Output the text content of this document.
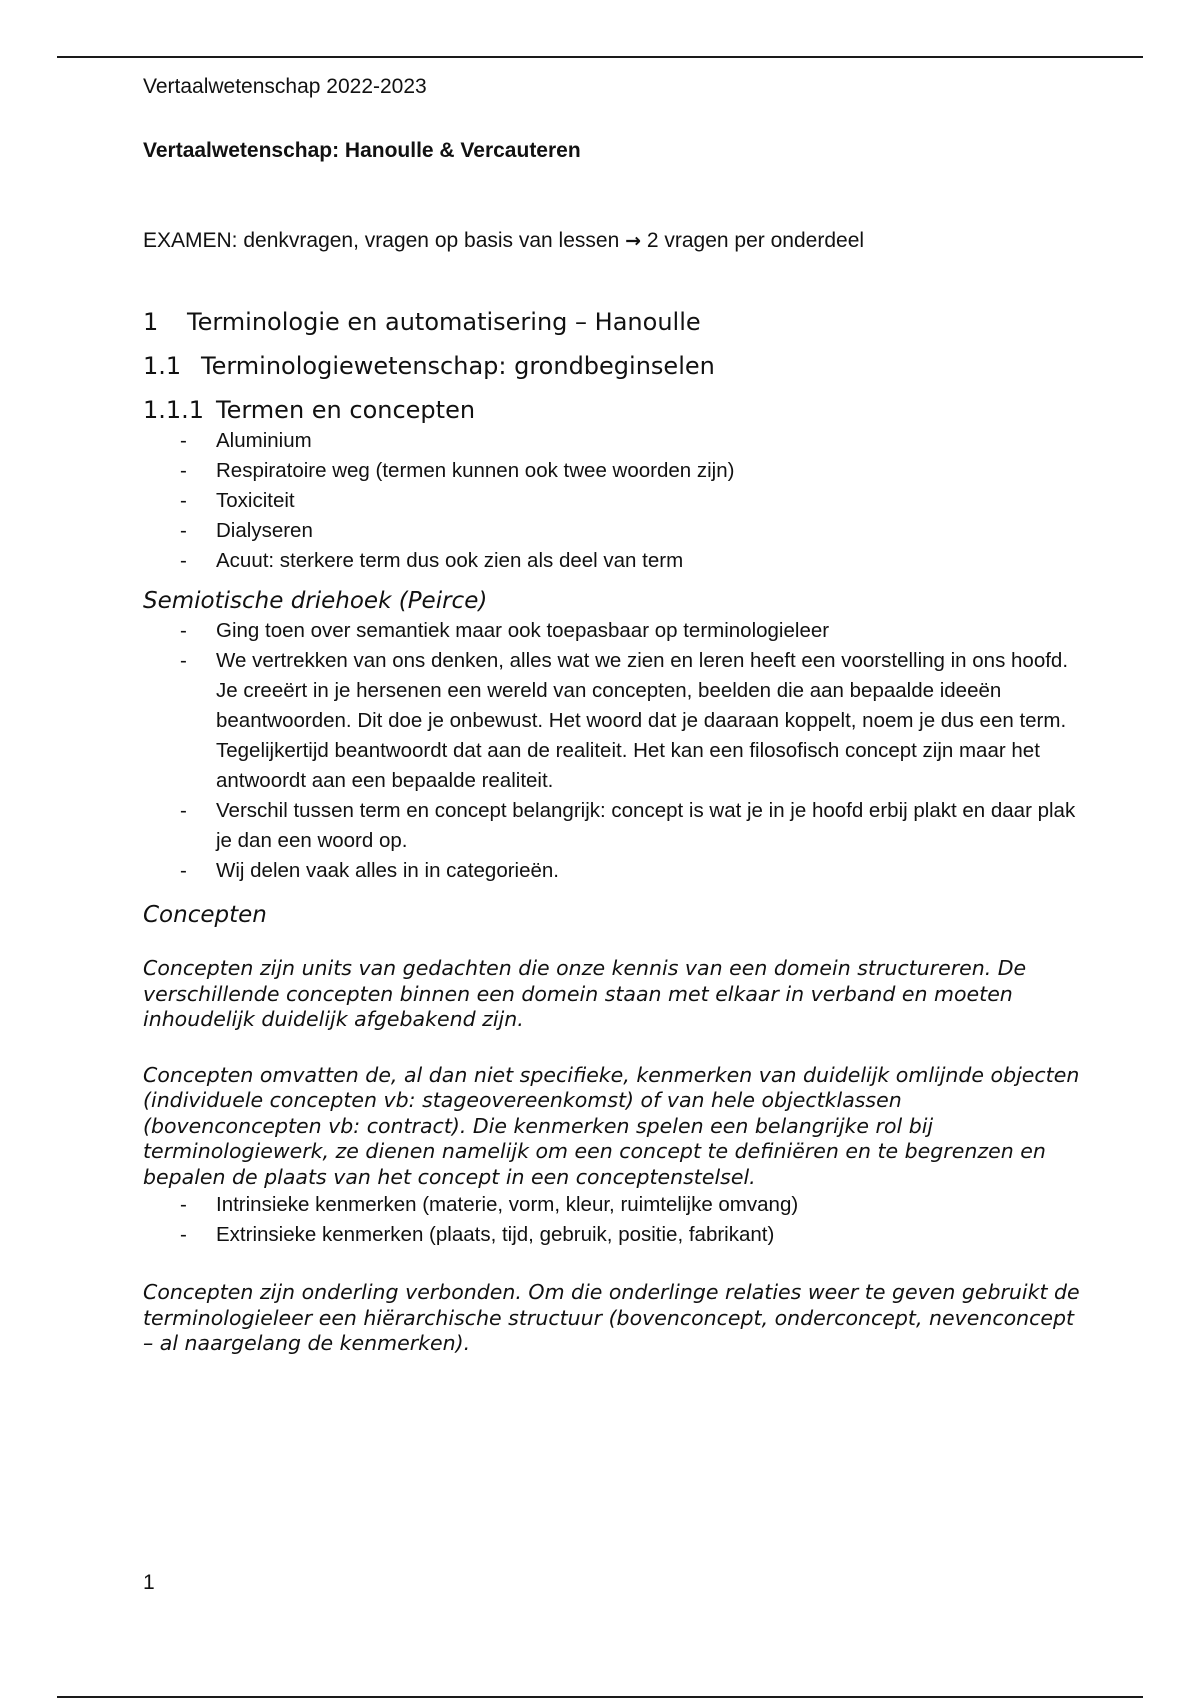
Vertaalwetenschap 2022-2023

Vertaalwetenschap: Hanoulle & Vercauteren

EXAMEN: denkvragen, vragen op basis van lessen → 2 vragen per onderdeel

1	Terminologie en automatisering – Hanoulle
1.1 Terminologiewetenschap: grondbeginselen
1.1.1 Termen en concepten
- Aluminium
- Respiratoire weg (termen kunnen ook twee woorden zijn)
- Toxiciteit
- Dialyseren
- Acuut: sterkere term dus ook zien als deel van term

Semiotische driehoek (Peirce)

- Ging toen over semantiek maar ook toepasbaar op terminologieleer
- We vertrekken van ons denken, alles wat we zien en leren heeft een voorstelling in ons hoofd. Je creeërt in je hersenen een wereld van concepten, beelden die aan bepaalde ideeën beantwoorden. Dit doe je onbewust. Het woord dat je daaraan koppelt, noem je dus een term. Tegelijkertijd beantwoordt dat aan de realiteit. Het kan een filosofisch concept zijn maar het antwoordt aan een bepaalde realiteit.
- Verschil tussen term en concept belangrijk: concept is wat je in je hoofd erbij plakt en daar plak je dan een woord op.
- Wij delen vaak alles in in categorieën.

Concepten

Concepten zijn units van gedachten die onze kennis van een domein structureren. De verschillende concepten binnen een domein staan met elkaar in verband en moeten inhoudelijk duidelijk afgebakend zijn.

Concepten omvatten de, al dan niet specifieke, kenmerken van duidelijk omlijnde objecten (individuele concepten vb: stageovereenkomst) of van hele objectklassen (bovenconcepten vb: contract). Die kenmerken spelen een belangrijke rol bij terminologiewerk, ze dienen namelijk om een concept te definiëren en te begrenzen en bepalen de plaats van het concept in een conceptenstelsel.

- Intrinsieke kenmerken (materie, vorm, kleur, ruimtelijke omvang)
- Extrinsieke kenmerken (plaats, tijd, gebruik, positie, fabrikant)

Concepten zijn onderling verbonden. Om die onderlinge relaties weer te geven gebruikt de terminologieleer een hiërarchische structuur (bovenconcept, onderconcept, nevenconcept – al naargelang de kenmerken).

1
